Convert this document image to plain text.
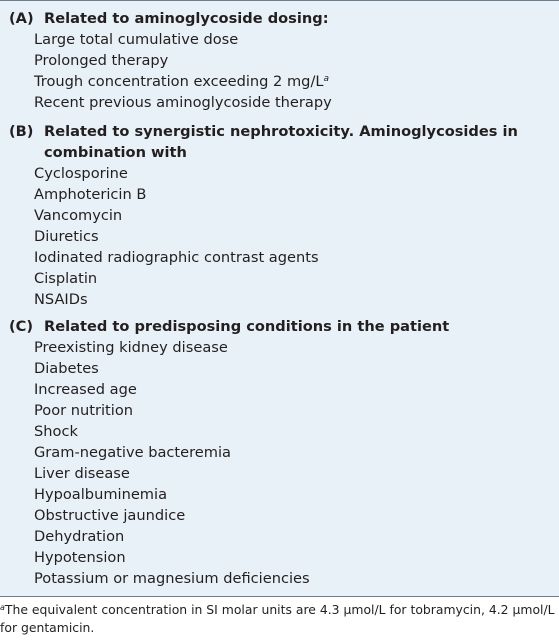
(A) Related to aminoglycoside dosing:
Large total cumulative dose
Prolonged therapy
Trough concentration exceeding 2 $mg/L^a$
Recent previous aminoglycoside therapy
(B) Related to synergistic nephrotoxicity. Aminoglycosides in combination with
Cyclosporine
Amphotericin B
Vancomycin
Diuretics
Iodinated radiographic contrast agents
Cisplatin
NSAIDs
(C) Related to predisposing conditions in the patient
Preexisting kidney disease
Diabetes
Increased age
Poor nutrition
Shock
Gram-negative bacteremia
Liver disease
Hypoalbuminemia
Obstructive jaundice
Dehydration
Hypotension
Potassium or magnesium deficiencies
$^a$The equivalent concentration in SI molar units are 4.3 μmol/L for tobramycin, 4.2 μmol/L for gentamicin.
